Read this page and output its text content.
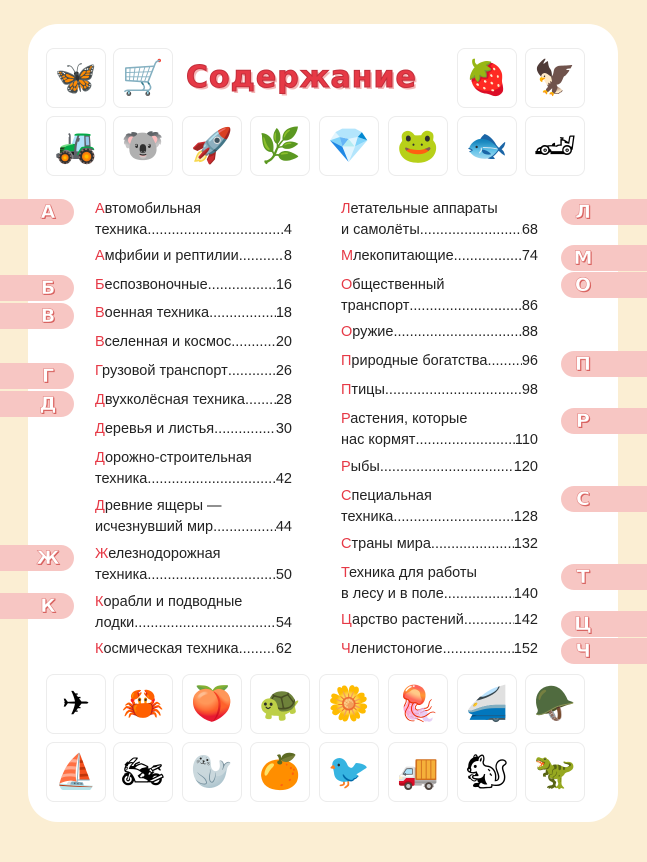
🦋 🛒 Содержание 🍓 🦅
🚜 🐨 🚀 🌿 💎 🐸 🐟 🏎
А
Б
В
Г
Д
Ж
К
Л
М
О
П
Р
С
Т
Ц
Ч
Автомобильная
техника .....	4
Амфибии и рептилии .....	8
Беспозвоночные .....	16
Военная техника .....	18
Вселенная и космос .....	20
Грузовой транспорт .....	26
Двухколёсная техника ..... 28
Деревья и листья .....	30
Дорожно-строительная
техника .....	42
Древние ящеры —
исчезнувший мир .....	44
Железнодорожная
техника .....	50
Корабли и подводные
лодки .....	54
Космическая техника .....	62
Летательные аппараты
и самолёты .....	68
Млекопитающие .....	74
Общественный
транспорт .....	86
Оружие .....	88
Природные богатства ..... 96
Птицы .....	98
Растения, которые
нас кормят .....	110
Рыбы .....	120
Специальная
техника .....	128
Страны мира .....	132
Техника для работы
в лесу и в поле .....	140
Царство растений .....	142
Членистоногие .....	152
✈ 🦀 🍑 🐢 🌼 🪼 🚄 🪖
⛵ 🏍 🦭 🍊 🐦 🚚 🐿 🦖
